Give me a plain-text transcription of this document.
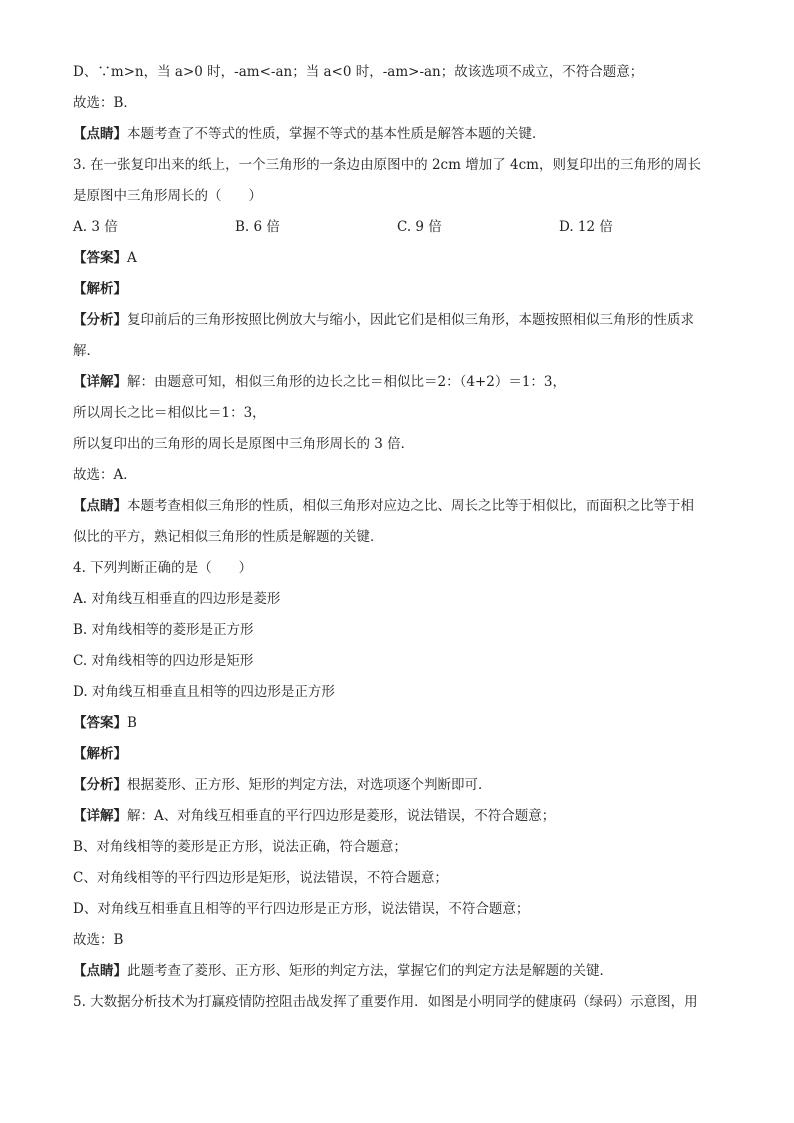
D、∵m>n，当 a>0 时，-am<-an；当 a<0 时，-am>-an；故该选项不成立，不符合题意；
故选：B．
【点睛】本题考查了不等式的性质，掌握不等式的基本性质是解答本题的关键．
3. 在一张复印出来的纸上，一个三角形的一条边由原图中的 2cm 增加了 4cm，则复印出的三角形的周长
是原图中三角形周长的（　　）
A. 3 倍	B. 6 倍	C. 9 倍	D. 12 倍
【答案】A
【解析】
【分析】复印前后的三角形按照比例放大与缩小，因此它们是相似三角形，本题按照相似三角形的性质求
解．
【详解】解：由题意可知，相似三角形的边长之比＝相似比＝2：（4+2）＝1：3，
所以周长之比＝相似比＝1：3，
所以复印出的三角形的周长是原图中三角形周长的 3 倍．
故选：A．
【点睛】本题考查相似三角形的性质，相似三角形对应边之比、周长之比等于相似比，而面积之比等于相
似比的平方，熟记相似三角形的性质是解题的关键．
4. 下列判断正确的是（　　）
A. 对角线互相垂直的四边形是菱形
B. 对角线相等的菱形是正方形
C. 对角线相等的四边形是矩形
D. 对角线互相垂直且相等的四边形是正方形
【答案】B
【解析】
【分析】根据菱形、正方形、矩形的判定方法，对选项逐个判断即可．
【详解】解：A、对角线互相垂直的平行四边形是菱形，说法错误，不符合题意；
B、对角线相等的菱形是正方形，说法正确，符合题意；
C、对角线相等的平行四边形是矩形，说法错误，不符合题意；
D、对角线互相垂直且相等的平行四边形是正方形，说法错误，不符合题意；
故选：B
【点睛】此题考查了菱形、正方形、矩形的判定方法，掌握它们的判定方法是解题的关键．
5. 大数据分析技术为打赢疫情防控阻击战发挥了重要作用．如图是小明同学的健康码（绿码）示意图，用
